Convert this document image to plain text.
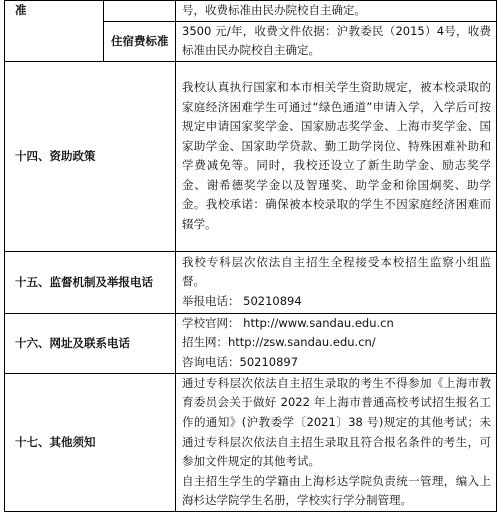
准		号，收费标准由民办院校自主确定。

	住宿费标准	3500 元/年，收费文件依据：沪教委民（2015）4号，收费标准由民办院校自主确定。

十四、资助政策		我校认真执行国家和本市相关学生资助规定，被本校录取的家庭经济困难学生可通过“绿色通道”申请入学，入学后可按规定申请国家奖学金、国家励志奖学金、上海市奖学金、国家助学金、国家助学贷款、勤工助学岗位、特殊困难补助和学费减免等。同时，我校还设立了新生助学金、励志奖学金、谢希德奖学金以及智瑾奖、助学金和徐国炯奖、助学金。我校承诺：确保被本校录取的学生不因家庭经济困难而辍学。

十五、监督机制及举报电话		我校专科层次依法自主招生全程接受本校招生监察小组监督。

举报电话： 50210894

十六、网址及联系电话		学校官网： http://www.sandau.edu.cn

招生网：http://zsw.sandau.edu.cn/

咨询电话：50210897

十七、其他须知		通过专科层次依法自主招生录取的考生不得参加《上海市教育委员会关于做好 2022 年上海市普通高校考试招生报名工作的通知》(沪教委学〔2021〕38 号)规定的其他考试；未通过专科层次依法自主招生录取且符合报名条件的考生，可参加文件规定的其他考试。

自主招生学生的学籍由上海杉达学院负责统一管理，编入上海杉达学院学生名册，学校实行学分制管理。
